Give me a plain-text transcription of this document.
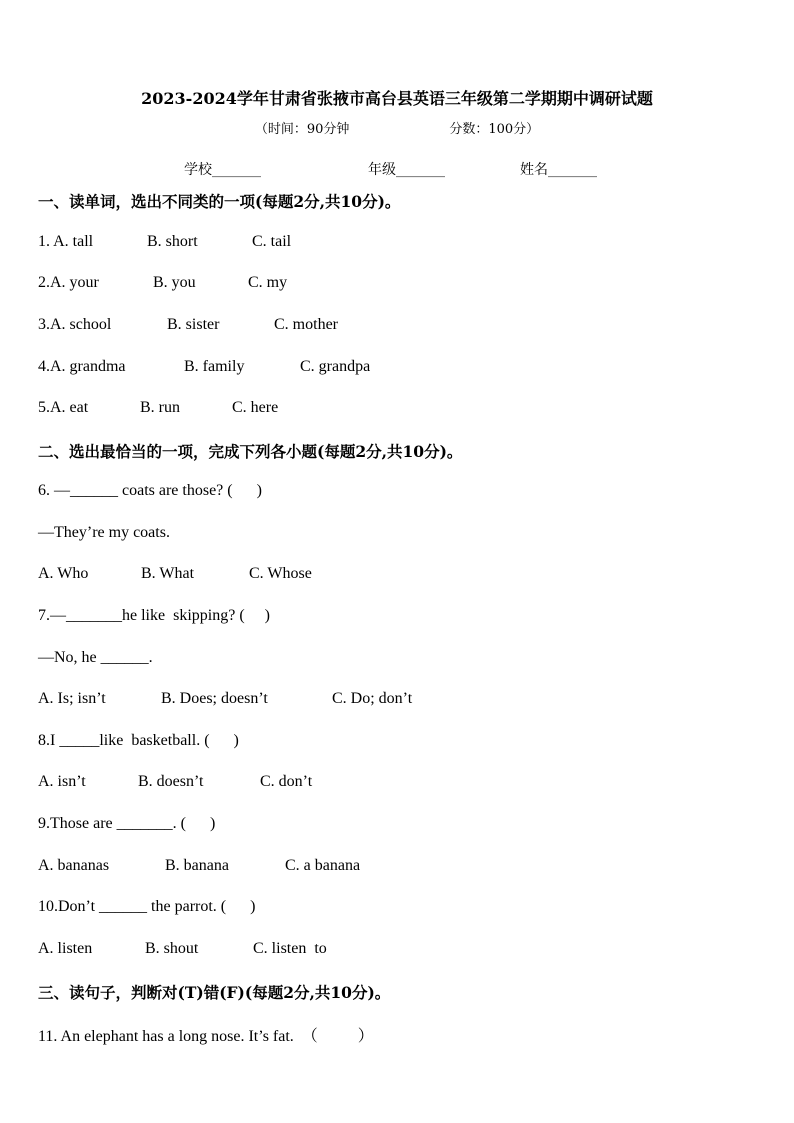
2023-2024学年甘肃省张掖市高台县英语三年级第二学期期中调研试题
（时间：90分钟	分数：100分）
学校_______	年级_______	姓名_______
一、读单词，选出不同类的一项(每题2分,共10分)。
1. A. tall	B. short	C. tail
2.A. your	B. you	C. my
3.A. school	B. sister	C. mother
4.A. grandma	B. family	C. grandpa
5.A. eat	B. run	C. here
二、选出最恰当的一项，完成下列各小题(每题2分,共10分)。
6. —______ coats are those? (      )
—They’re my coats.
A. Who	B. What	C. Whose
7.—_______he like  skipping? (     )
—No, he ______.
A. Is; isn’t	B. Does; doesn’t	C. Do; don’t
8.I _____like  basketball. (      )
A. isn’t	B. doesn’t	C. don’t
9.Those are _______. (      )
A. bananas	B. banana	C. a banana
10.Don’t ______ the parrot. (      )
A. listen	B. shout	C. listen  to
三、读句子，判断对(T)错(F)(每题2分,共10分)。
11. An elephant has a long nose. It’s fat.  （          ）
